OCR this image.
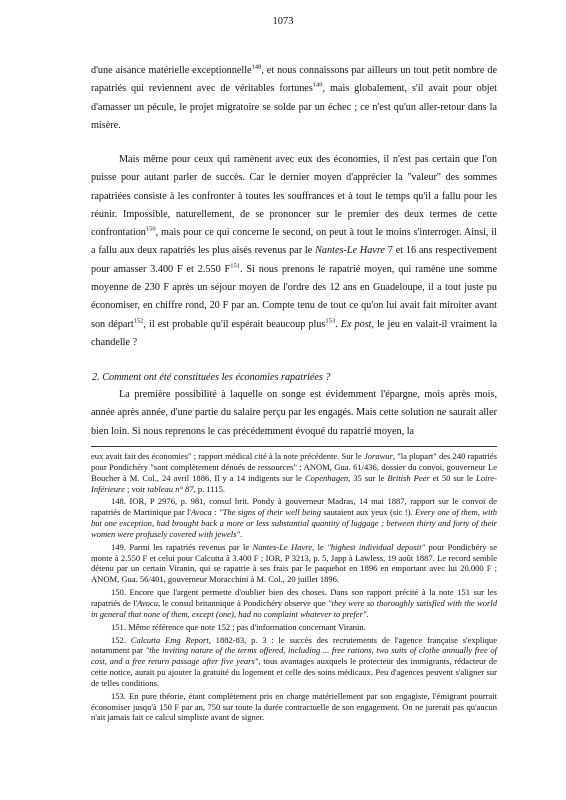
1073

d'une aisance matérielle exceptionnelle$^{148}$, et nous connaissons par ailleurs un tout petit nombre de rapatriés qui reviennent avec de véritables fortunes$^{149}$, mais globalement, s'il avait pour objet d'amasser un pécule, le projet migratoire se solde par un échec ; ce n'est qu'un aller-retour dans la misère.

Mais même pour ceux qui ramènent avec eux des économies, il n'est pas certain que l'on puisse pour autant parler de succès. Car le dernier moyen d'apprécier la "valeur" des sommes rapatriées consiste à les confronter à toutes les souffrances et à tout le temps qu'il a fallu pour les réunir. Impossible, naturellement, de se prononcer sur le premier des deux termes de cette confrontation$^{150}$, mais pour ce qui concerne le second, on peut à tout le moins s'interroger. Ainsi, il a fallu aux deux rapatriés les plus aisés revenus par le Nantes-Le Havre 7 et 16 ans respectivement pour amasser 3.400 F et 2.550 $F^{151}$. Si nous prenons le rapatrié moyen, qui ramène une somme moyenne de 230 F après un séjour moyen de l'ordre des 12 ans en Guadeloupe, il a tout juste pu économiser, en chiffre rond, 20 F par an. Compte tenu de tout ce qu'on lui avait fait miroiter avant son départ$^{152}$, il est probable qu'il espérait beaucoup plus$^{153}$. Ex post, le jeu en valait-il vraiment la chandelle ?

2. Comment ont été constituées les économies rapatriées ?

La première possibilité à laquelle on songe est évidemment l'épargne, mois après mois, année après année, d'une partie du salaire perçu par les engagés. Mais cette solution ne saurait aller bien loin. Si nous reprenons le cas précédemment évoqué du rapatrié moyen, la

eux avait fait des économies" ; rapport médical cité à la note précédente. Sur le Jorawur, "la plupart" des 240 rapatriés pour Pondichéry "sont complètement dénués de ressources" ; ANOM, Gua. 61/436, dossier du convoi, gouverneur Le Boucher à M. Col., 24 avril 1886. Il y a 14 indigents sur le Copenhagen, 35 sur le British Peer et 50 sur le Loire-Inférieure ; voir tableau n° 87, p. 1115.

148. IOR, P 2976, p. 981, consul brit. Pondy à gouverneur Madras, 14 mai 1887, rapport sur le convoi de rapatriés de Martinique par l'Avoca : "The signs of their well being sautaient aux yeux (sic !). Every one of them, with but one exception, had brought back a more or less substantial quantity of luggage ; between thirty and forty of their women were profusely covered with jewels".

149. Parmi les rapatriés revenus par le Nantes-Le Havre, le "highest individual deposit" pour Pondichéry se monte à 2.550 F et celui pour Calcutta à 3.400 F ; IOR, P 3213, p. 5, Japp à Lawless, 19 août 1887. Le record semble détenu par un certain Viranin, qui se rapatrie à ses frais par le paquebot en 1896 en emportant avec lui 20.000 F ; ANOM, Gua. 56/401, gouverneur Moracchini à M. Col., 20 juillet 1896.

150. Encore que l'argent permette d'oublier bien des choses. Dans son rapport précité à la note 151 sur les rapatriés de l'Avoca, le consul britannique à Pondichéry observe que "they were so thoroughly satisfied with the world in general that none of them, except (one), had no complaint whatever to prefer".

151. Même référence que note 152 ; pas d'information concernant Viranin.

152. Calcutta Emg Report, 1882-83, p. 3 : le succès des recrutements de l'agence française s'explique notamment par "the inviting nature of the terms offered, including ... free rations, two suits of clothe annually free of cost, and a free return passage after five years", tous avantages auxquels le protecteur des immigrants, rédacteur de cette notice, aurait pu ajouter la gratuité du logement et celle des soins médicaux. Peu d'agences peuvent s'aligner sur de telles conditions.

153. En pure théorie, étant complètement pris en charge matériellement par son engagiste, l'émigrant pourrait économiser jusqu'à 150 F par an, 750 sur toute la durée contractuelle de son engagement. On ne jurerait pas qu'aucun n'ait jamais fait ce calcul simpliste avant de signer.
